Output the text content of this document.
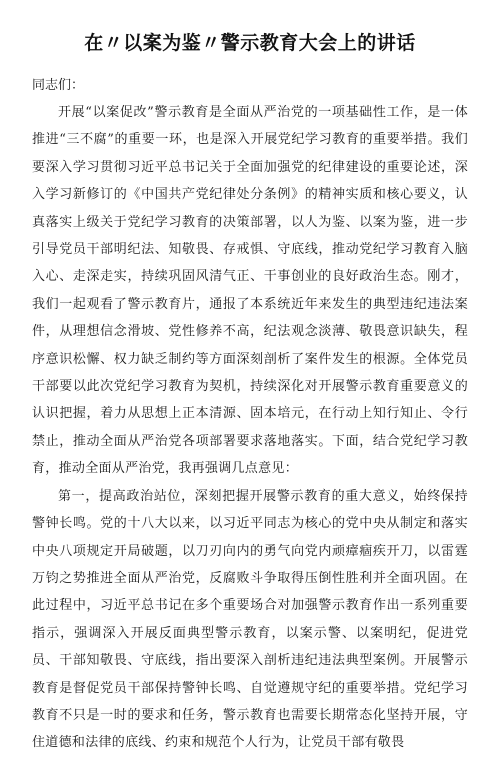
在〃以案为鉴〃警示教育大会上的讲话

同志们：

开展“以案促改”警示教育是全面从严治党的一项基础性工作，是一体推进“三不腐”的重要一环，也是深入开展党纪学习教育的重要举措。我们要深入学习贯彻习近平总书记关于全面加强党的纪律建设的重要论述，深入学习新修订的《中国共产党纪律处分条例》的精神实质和核心要义，认真落实上级关于党纪学习教育的决策部署，以人为鉴、以案为鉴，进一步引导党员干部明纪法、知敬畏、存戒惧、守底线，推动党纪学习教育入脑入心、走深走实，持续巩固风清气正、干事创业的良好政治生态。刚才，我们一起观看了警示教育片，通报了本系统近年来发生的典型违纪违法案件，从理想信念滑坡、党性修养不高，纪法观念淡薄、敬畏意识缺失，程序意识松懈、权力缺乏制约等方面深刻剖析了案件发生的根源。全体党员干部要以此次党纪学习教育为契机，持续深化对开展警示教育重要意义的认识把握，着力从思想上正本清源、固本培元，在行动上知行知止、令行禁止，推动全面从严治党各项部署要求落地落实。下面，结合党纪学习教育，推动全面从严治党，我再强调几点意见：

第一，提高政治站位，深刻把握开展警示教育的重大意义，始终保持警钟长鸣。党的十八大以来，以习近平同志为核心的党中央从制定和落实中央八项规定开局破题，以刀刃向内的勇气向党内顽瘴痼疾开刀，以雷霆万钧之势推进全面从严治党，反腐败斗争取得压倒性胜利并全面巩固。在此过程中，习近平总书记在多个重要场合对加强警示教育作出一系列重要指示，强调深入开展反面典型警示教育，以案示警、以案明纪，促进党员、干部知敬畏、守底线，指出要深入剖析违纪违法典型案例。开展警示教育是督促党员干部保持警钟长鸣、自觉遵规守纪的重要举措。党纪学习教育不只是一时的要求和任务，警示教育也需要长期常态化坚持开展，守住道德和法律的底线、约束和规范个人行为，让党员干部有敬畏
